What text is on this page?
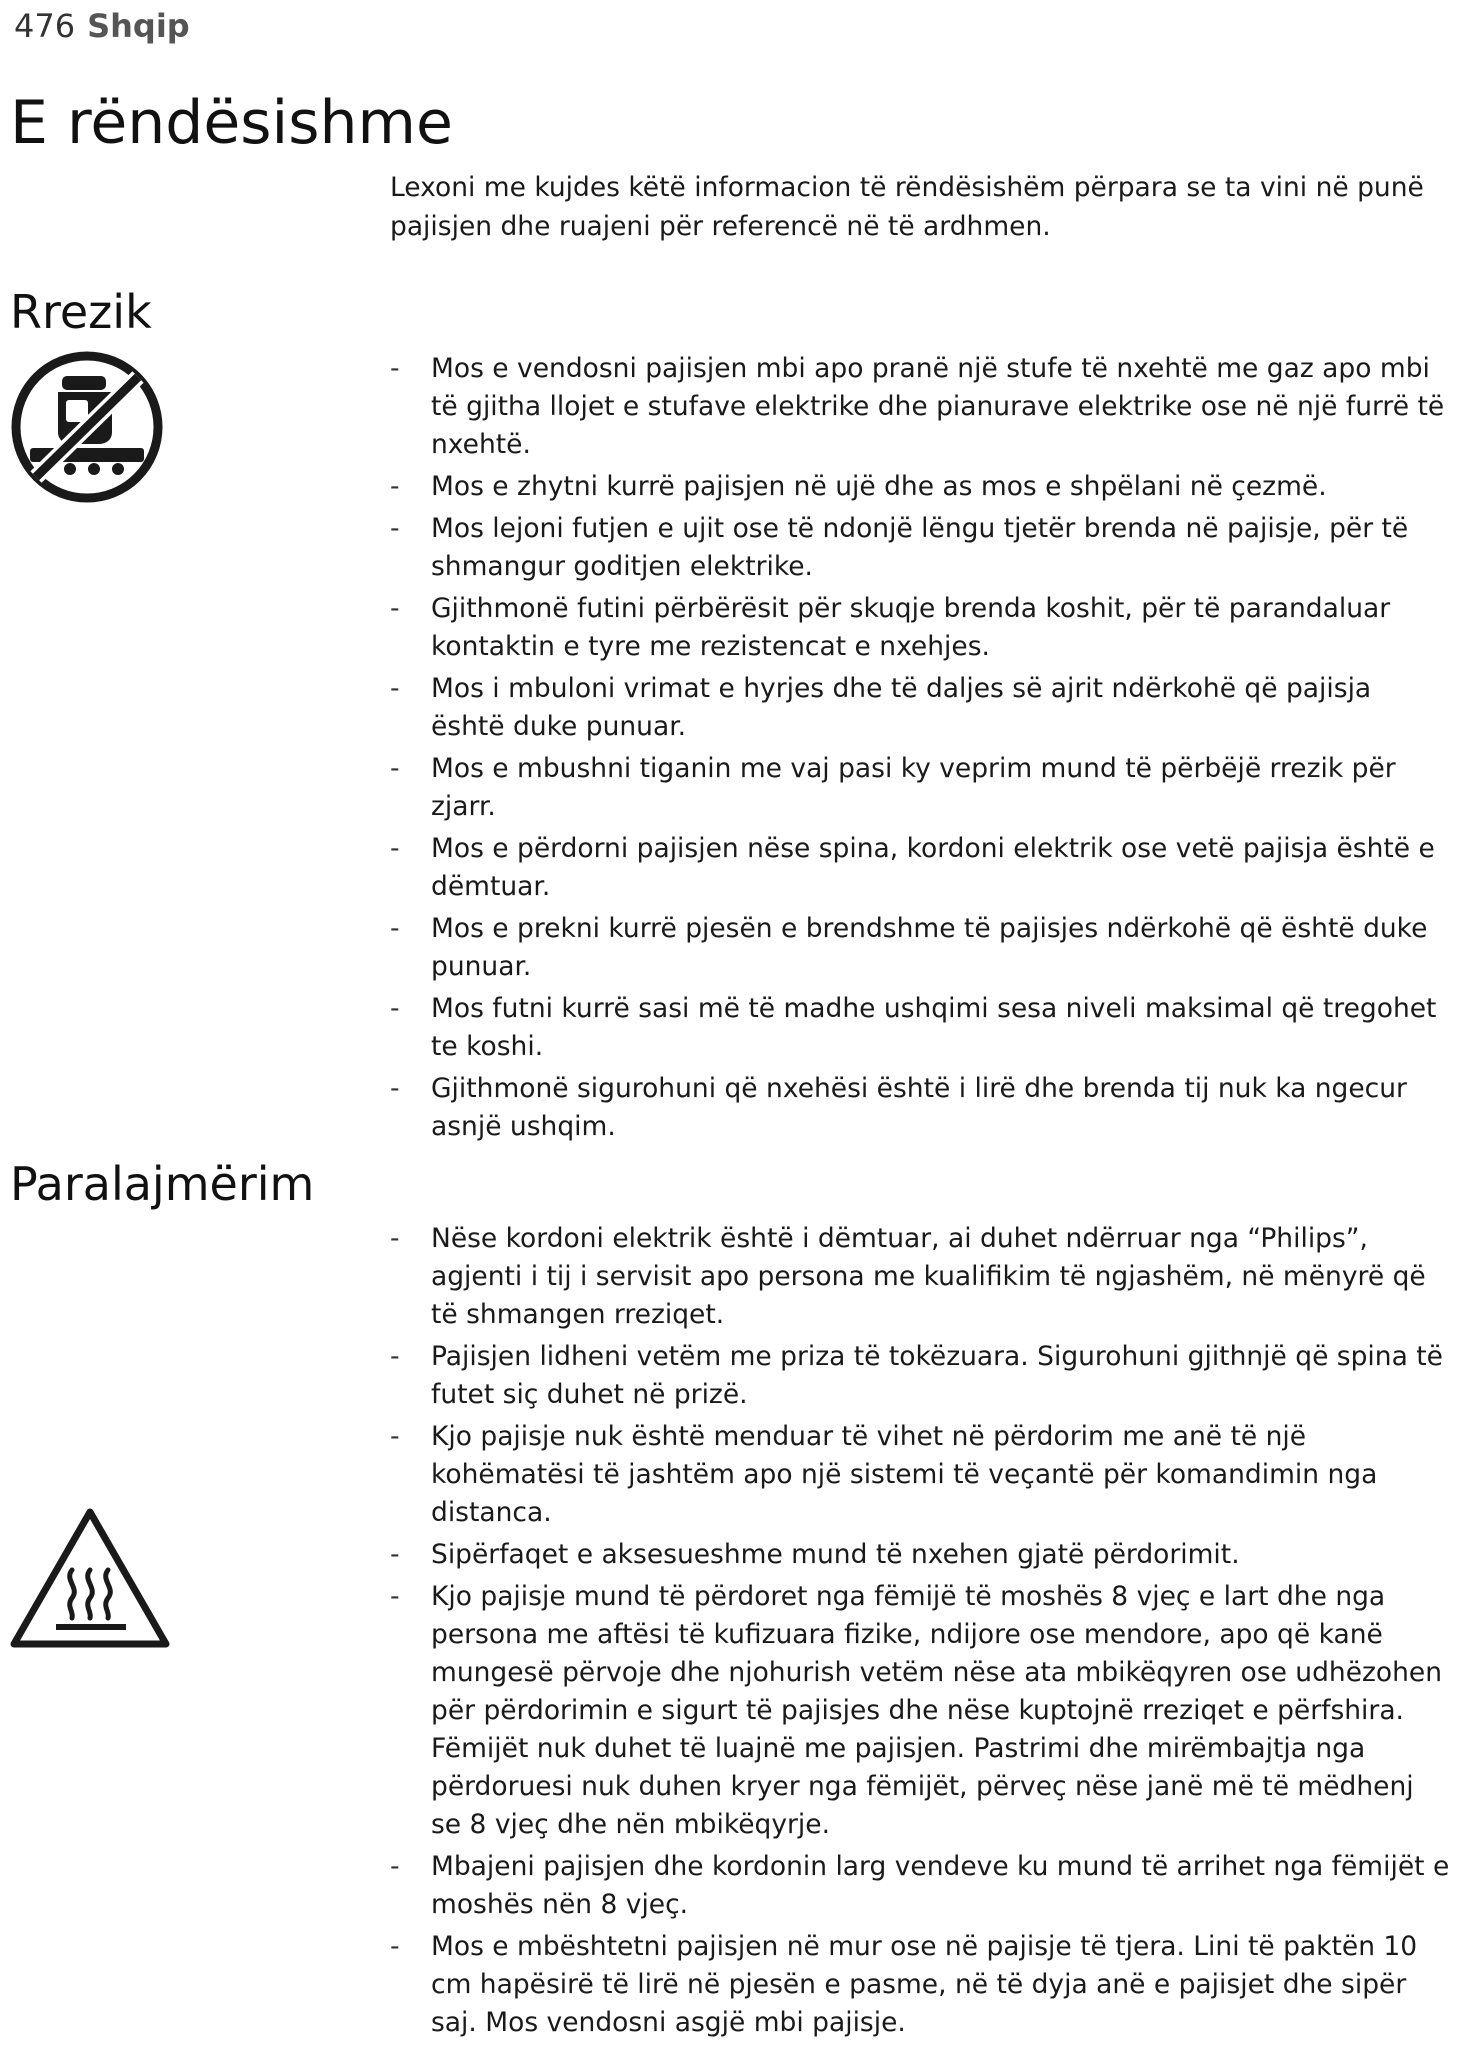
476 Shqip
E rëndësishme

Lexoni me kujdes këtë informacion të rëndësishëm përpara se ta vini në punë pajisjen dhe ruajeni për referencë në të ardhmen.

Rrezik
- Mos e vendosni pajisjen mbi apo pranë një stufe të nxehtë me gaz apo mbi të gjitha llojet e stufave elektrike dhe pianurave elektrike ose në një furrë të nxehtë.
- Mos e zhytni kurrë pajisjen në ujë dhe as mos e shpëlani në çezmë.
- Mos lejoni futjen e ujit ose të ndonjë lëngu tjetër brenda në pajisje, për të shmangur goditjen elektrike.
- Gjithmonë futini përbërësit për skuqje brenda koshit, për të parandaluar kontaktin e tyre me rezistencat e nxehjes.
- Mos i mbuloni vrimat e hyrjes dhe të daljes së ajrit ndërkohë që pajisja është duke punuar.
- Mos e mbushni tiganin me vaj pasi ky veprim mund të përbëjë rrezik për zjarr.
- Mos e përdorni pajisjen nëse spina, kordoni elektrik ose vetë pajisja është e dëmtuar.
- Mos e prekni kurrë pjesën e brendshme të pajisjes ndërkohë që është duke punuar.
- Mos futni kurrë sasi më të madhe ushqimi sesa niveli maksimal që tregohet te koshi.
- Gjithmonë sigurohuni që nxehësi është i lirë dhe brenda tij nuk ka ngecur asnjë ushqim.
Paralajmërim
- Nëse kordoni elektrik është i dëmtuar, ai duhet ndërruar nga “Philips”, agjenti i tij i servisit apo persona me kualifikim të ngjashëm, në mënyrë që të shmangen rreziqet.
- Pajisjen lidheni vetëm me priza të tokëzuara. Sigurohuni gjithnjë që spina të futet siç duhet në prizë.
- Kjo pajisje nuk është menduar të vihet në përdorim me anë të një kohëmatësi të jashtëm apo një sistemi të veçantë për komandimin nga distanca.
- Sipërfaqet e aksesueshme mund të nxehen gjatë përdorimit.
- Kjo pajisje mund të përdoret nga fëmijë të moshës 8 vjeç e lart dhe nga persona me aftësi të kufizuara fizike, ndijore ose mendore, apo që kanë mungesë përvoje dhe njohurish vetëm nëse ata mbikëqyren ose udhëzohen për përdorimin e sigurt të pajisjes dhe nëse kuptojnë rreziqet e përfshira. Fëmijët nuk duhet të luajnë me pajisjen. Pastrimi dhe mirëmbajtja nga përdoruesi nuk duhen kryer nga fëmijët, përveç nëse janë më të mëdhenj se 8 vjeç dhe nën mbikëqyrje.
- Mbajeni pajisjen dhe kordonin larg vendeve ku mund të arrihet nga fëmijët e moshës nën 8 vjeç.
- Mos e mbështetni pajisjen në mur ose në pajisje të tjera. Lini të paktën 10 cm hapësirë të lirë në pjesën e pasme, në të dyja anë e pajisjet dhe sipër saj. Mos vendosni asgjë mbi pajisje.
